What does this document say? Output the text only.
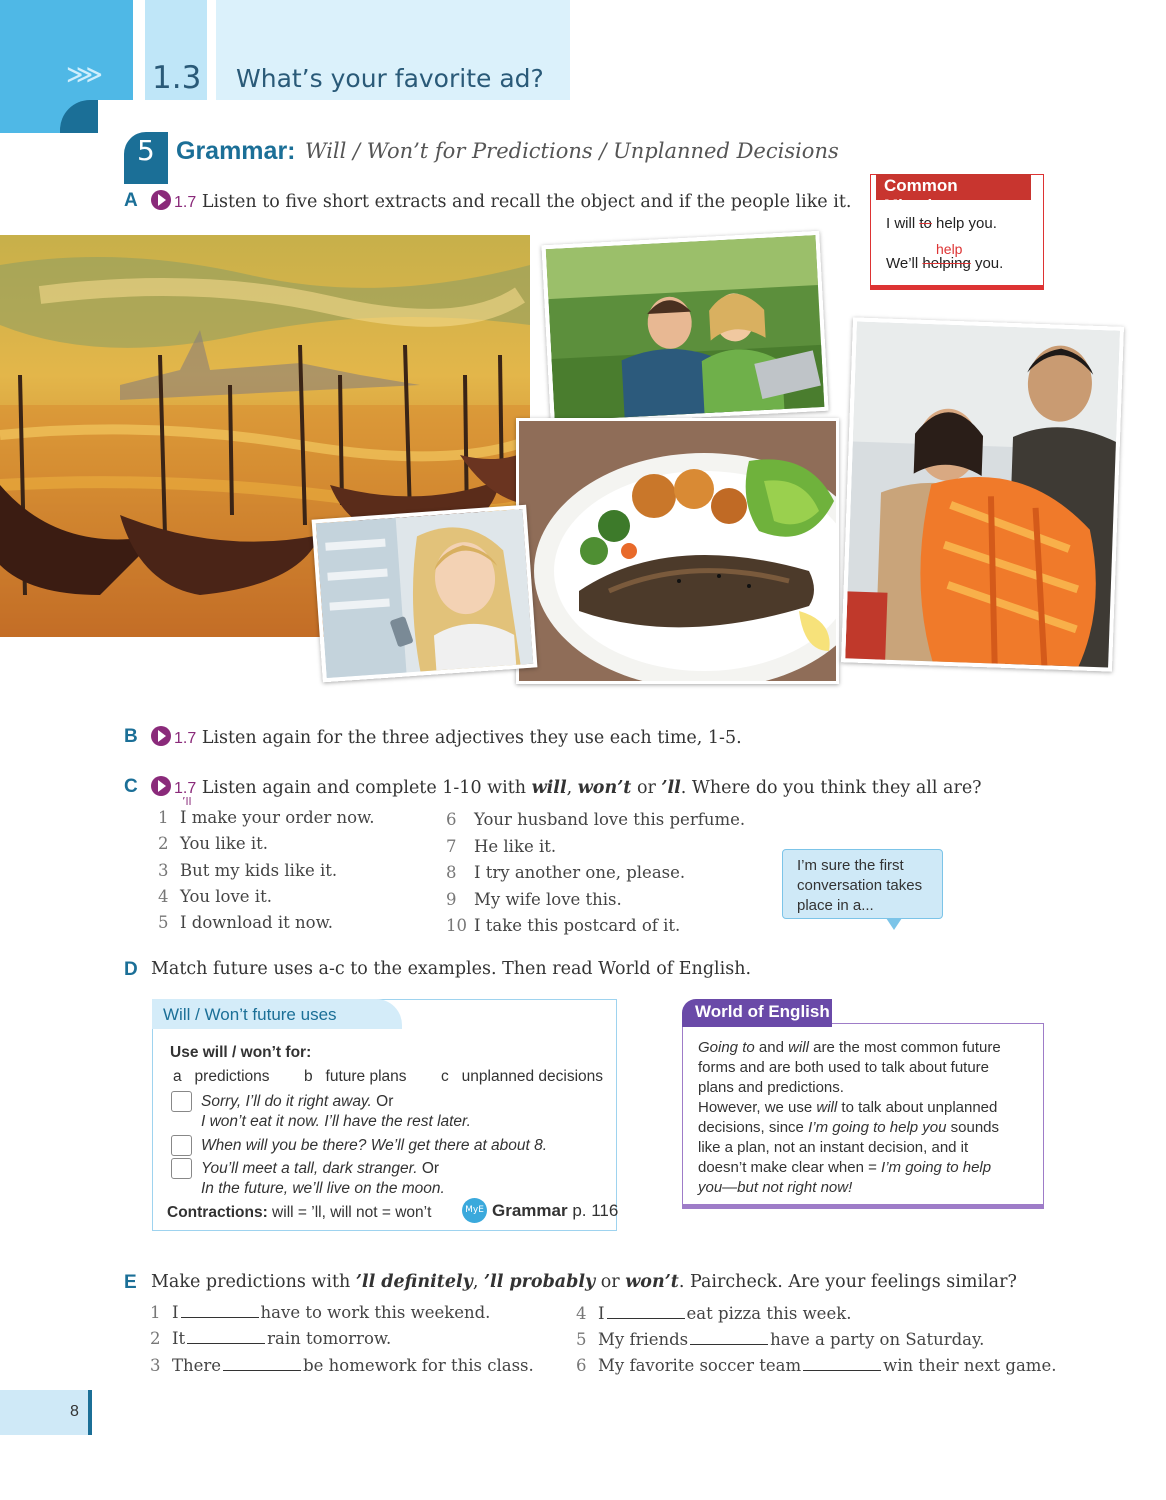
⋙ 1.3 What’s your favorite ad?
5 Grammar: Will / Won’t for Predictions / Unplanned Decisions
A	1.7 Listen to five short extracts and recall the object and if the people like it.
Common Mistakes
I will to help you.
help
We’ll helping you.
B	1.7 Listen again for the three adjectives they use each time, 1-5.
C	1.7 Listen again and complete 1-10 with will, won’t or ’ll. Where do you think they all are?
’ll
1 I make your order now.
2 You like it.
3 But my kids like it.
4 You love it.
5 I download it now.
6 Your husband love this perfume.
7 He like it.
8 I try another one, please.
9 My wife love this.
10 I take this postcard of it.
I’m sure the first
conversation takes
place in a...
D Match future uses a-c to the examples. Then read World of English.
Will / Won’t future uses
Use will / won’t for:
a predictions b future plans c unplanned decisions
Sorry, I’ll do it right away. Or
I won’t eat it now. I’ll have the rest later.
When will you be there? We’ll get there at about 8.
You’ll meet a tall, dark stranger. Or
In the future, we’ll live on the moon.
Contractions: will = ’ll, will not = won’t	MyE Grammar p. 116
World of English
Going to and will are the most common future
forms and are both used to talk about future
plans and predictions.
However, we use will to talk about unplanned
decisions, since I’m going to help you sounds
like a plan, not an instant decision, and it
doesn’t make clear when = I’m going to help
you—but not right now!
E Make predictions with ’ll definitely, ’ll probably or won’t. Paircheck. Are your feelings similar?
1 I	have to work this weekend.
2 It	rain tomorrow.
3 There	be homework for this class.
4 I	eat pizza this week.
5 My friends	have a party on Saturday.
6 My favorite soccer team	win their next game.
8
